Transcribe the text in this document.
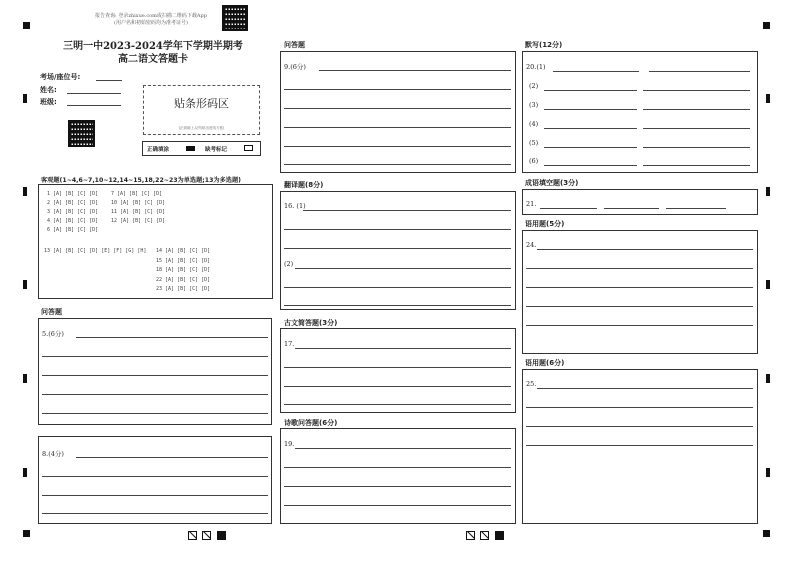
报告查询: 登录zhixue.com或扫描二维码下载App
(用户名和初始密码均为准考证号)
三明一中2023-2024学年下学期半期考
高二语文答题卡
考场/座位号:
姓名:
班级:	贴条形码区
(正面朝上,切勿贴出虚线方框)
正确填涂	缺考标记
客观题(1~4,6~7,10~12,14~15,18,22~23为单选题;13为多选题)
1 [A] [B] [C] [D]
2 [A] [B] [C] [D]
3 [A] [B] [C] [D]
4 [A] [B] [C] [D]
6 [A] [B] [C] [D]
7 [A] [B] [C] [D]
10 [A] [B] [C] [D]
11 [A] [B] [C] [D]
12 [A] [B] [C] [D]
13 [A] [B] [C] [D] [E] [F] [G] [H] 14 [A] [B] [C] [D]
15 [A] [B] [C] [D]
18 [A] [B] [C] [D]
22 [A] [B] [C] [D]
23 [A] [B] [C] [D]
问答题
5.(6分)
8.(4分)
问答题
9.(6分)
翻译题(8分)
16. (1)
(2)
古文简答题(3分)
17.
诗歌问答题(6分)
19.
默写(12分)
20.(1)
(2)
(3)
(4)
(5)
(6)
成语填空题(3分)
21.
语用题(5分)
24.
语用题(6分)
25.
